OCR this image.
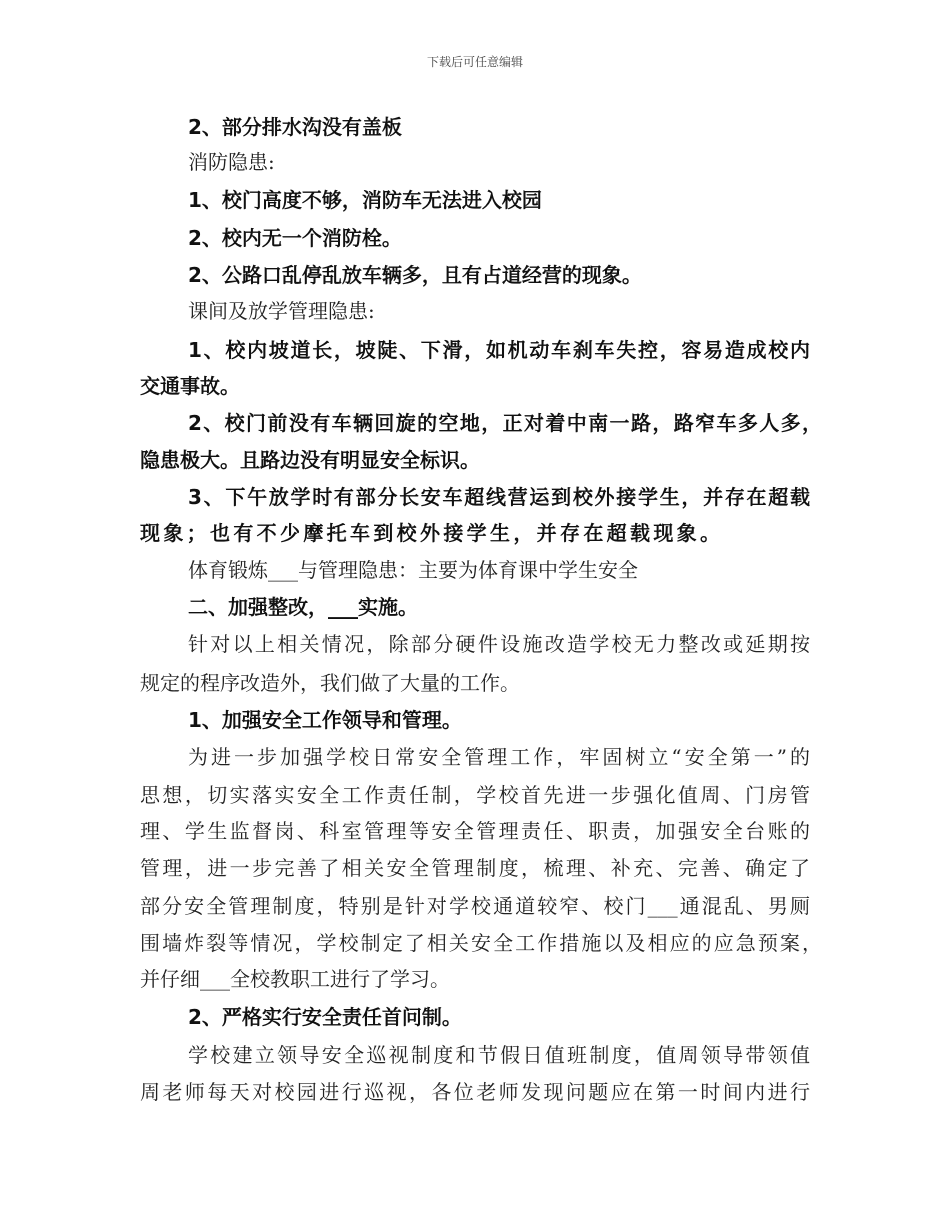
下载后可任意编辑
2、部分排水沟没有盖板
消防隐患:
1、校门高度不够，消防车无法进入校园
2、校内无一个消防栓。
2、公路口乱停乱放车辆多，且有占道经营的现象。
课间及放学管理隐患:
1、校内坡道长，坡陡、下滑，如机动车刹车失控，容易造成校内
交通事故。
2、校门前没有车辆回旋的空地，正对着中南一路，路窄车多人多，
隐患极大。且路边没有明显安全标识。
3、下午放学时有部分长安车超线营运到校外接学生，并存在超载
现象；也有不少摩托车到校外接学生，并存在超载现象。
体育锻炼___与管理隐患：主要为体育课中学生安全
二、加强整改，___实施。
针对以上相关情况，除部分硬件设施改造学校无力整改或延期按
规定的程序改造外，我们做了大量的工作。
1、加强安全工作领导和管理。
为进一步加强学校日常安全管理工作，牢固树立“安全第一”的
思想，切实落实安全工作责任制，学校首先进一步强化值周、门房管
理、学生监督岗、科室管理等安全管理责任、职责，加强安全台账的
管理，进一步完善了相关安全管理制度，梳理、补充、完善、确定了
部分安全管理制度，特别是针对学校通道较窄、校门___通混乱、男厕
围墙炸裂等情况，学校制定了相关安全工作措施以及相应的应急预案，
并仔细___全校教职工进行了学习。
2、严格实行安全责任首问制。
学校建立领导安全巡视制度和节假日值班制度，值周领导带领值
周老师每天对校园进行巡视，各位老师发现问题应在第一时间内进行
